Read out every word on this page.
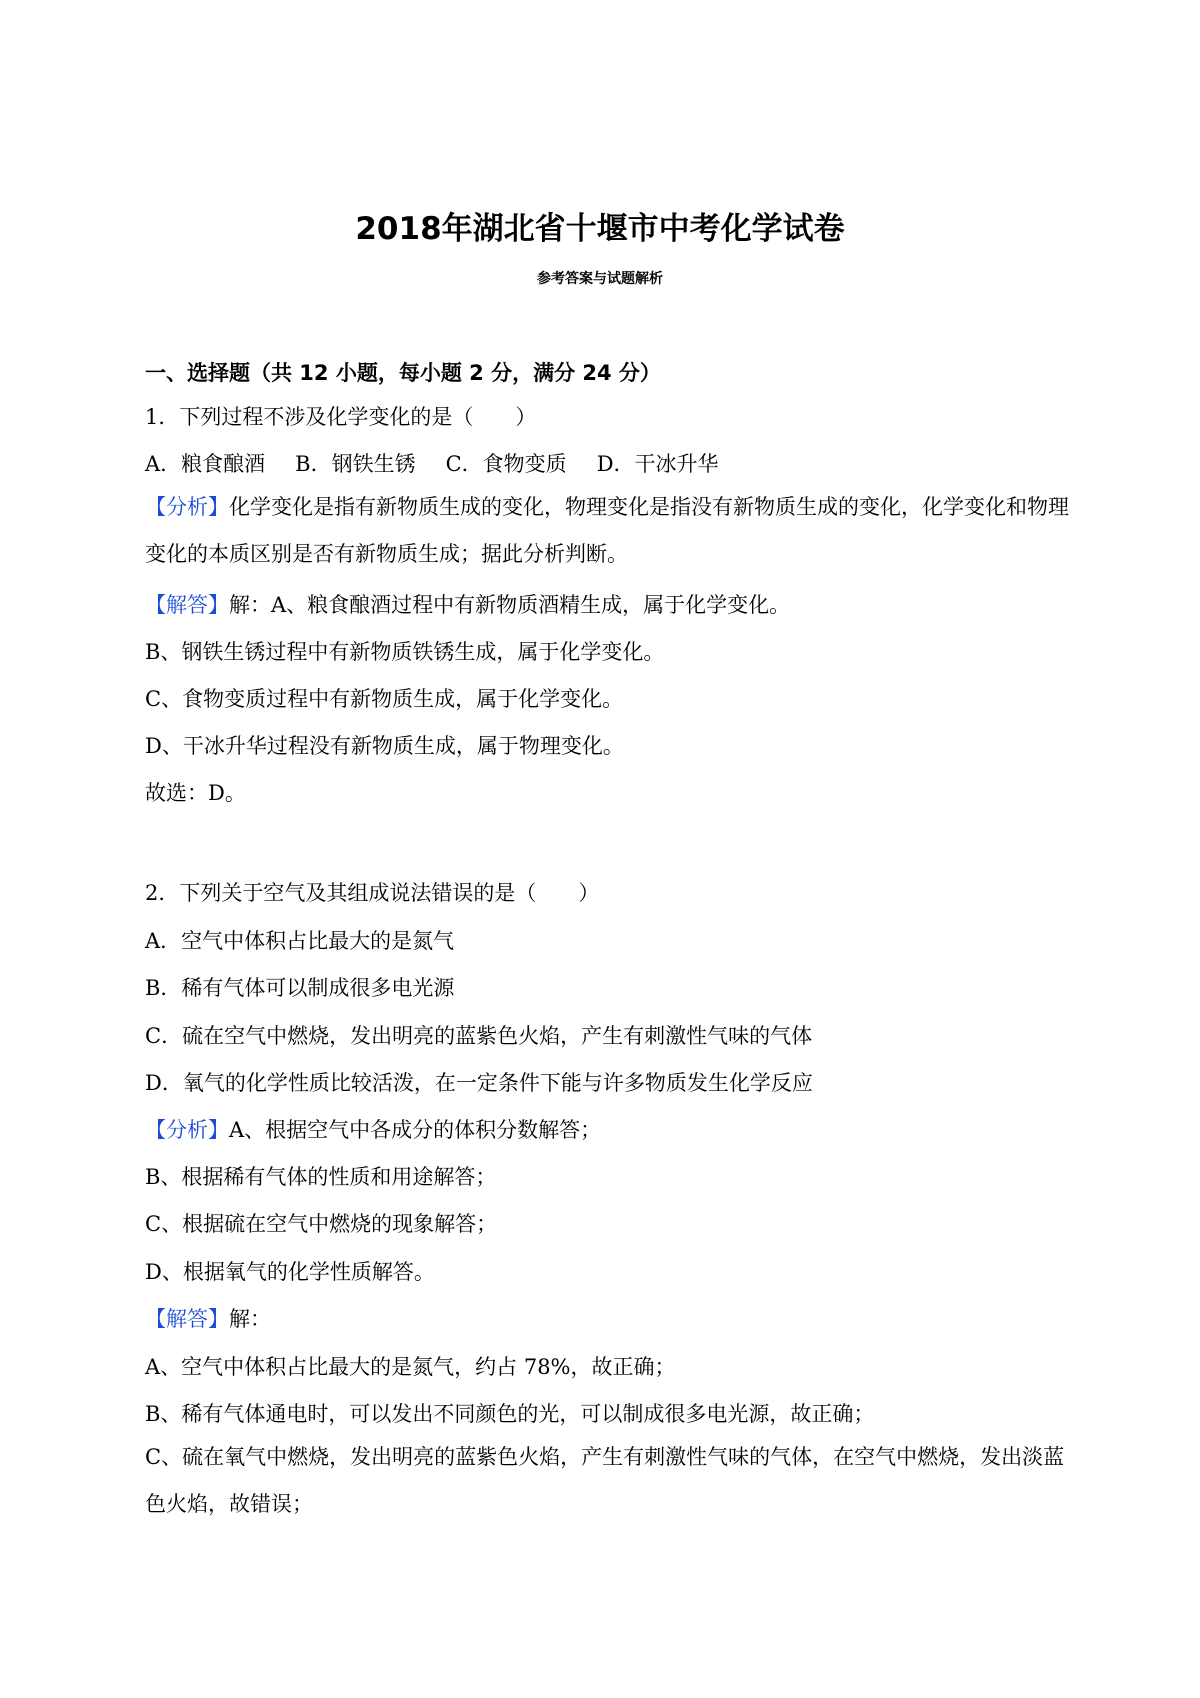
2018年湖北省十堰市中考化学试卷
参考答案与试题解析
一、选择题（共 12 小题，每小题 2 分，满分 24 分）
1．下列过程不涉及化学变化的是（　　）
A．粮食酿酒 B．钢铁生锈 C．食物变质 D．干冰升华
【分析】化学变化是指有新物质生成的变化，物理变化是指没有新物质生成的变化，化学变化和物理变化的本质区别是否有新物质生成；据此分析判断。
【解答】解：A、粮食酿酒过程中有新物质酒精生成，属于化学变化。
B、钢铁生锈过程中有新物质铁锈生成，属于化学变化。
C、食物变质过程中有新物质生成，属于化学变化。
D、干冰升华过程没有新物质生成，属于物理变化。
故选：D。
2．下列关于空气及其组成说法错误的是（　　）
A．空气中体积占比最大的是氮气
B．稀有气体可以制成很多电光源
C．硫在空气中燃烧，发出明亮的蓝紫色火焰，产生有刺激性气味的气体
D．氧气的化学性质比较活泼，在一定条件下能与许多物质发生化学反应
【分析】A、根据空气中各成分的体积分数解答；
B、根据稀有气体的性质和用途解答；
C、根据硫在空气中燃烧的现象解答；
D、根据氧气的化学性质解答。
【解答】解：
A、空气中体积占比最大的是氮气，约占 78%，故正确；
B、稀有气体通电时，可以发出不同颜色的光，可以制成很多电光源，故正确；
C、硫在氧气中燃烧，发出明亮的蓝紫色火焰，产生有刺激性气味的气体，在空气中燃烧，发出淡蓝色火焰，故错误；
